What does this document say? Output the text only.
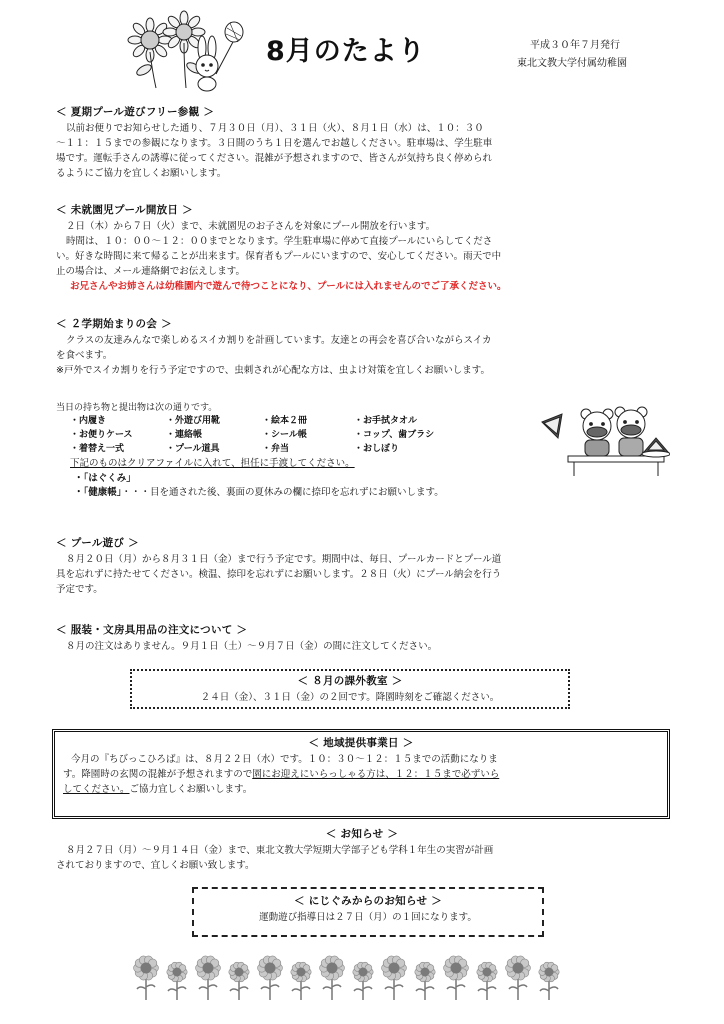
8月のたより	平成３０年７月発行
東北文教大学付属幼稚園
＜ 夏期プール遊びフリー参観 ＞

以前お便りでお知らせした通り、７月３０日（月）、３１日（火）、８月１日（水）は、１０：３０

～１１：１５までの参観になります。３日間のうち１日を選んでお越しください。駐車場は、学生駐車

場です。運転手さんの誘導に従ってください。混雑が予想されますので、皆さんが気持ち良く停められ

るようにご協力を宜しくお願いします。

＜ 未就園児プール開放日 ＞

２日（木）から７日（火）まで、未就園児のお子さんを対象にプール開放を行います。

時間は、１０：００～１２：００までとなります。学生駐車場に停めて直接プールにいらしてくださ

い。好きな時間に来て帰ることが出来ます。保育者もプールにいますので、安心してください。雨天で中

止の場合は、メール連絡網でお伝えします。

お兄さんやお姉さんは幼稚園内で遊んで待つことになり、プールには入れませんのでご了承ください。

＜ ２学期始まりの会 ＞

クラスの友達みんなで楽しめるスイカ割りを計画しています。友達との再会を喜び合いながらスイカ

を食べます。

※戸外でスイカ割りを行う予定ですので、虫刺されが心配な方は、虫よけ対策を宜しくお願いします。

当日の持ち物と提出物は次の通りです。

・内履き	・外遊び用靴	・絵本２冊	・お手拭タオル
・お便りケース	・連絡帳	・シール帳	・コップ、歯ブラシ
・着替え一式	・プール道具	・弁当	・おしぼり

下記のものはクリアファイルに入れて、担任に手渡してください。

・「はぐくみ」

・「健康帳」・・・目を通された後、裏面の夏休みの欄に捺印を忘れずにお願いします。

＜ プール遊び ＞

８月２０日（月）から８月３１日（金）まで行う予定です。期間中は、毎日、プールカードとプール道

具を忘れずに持たせてください。検温、捺印を忘れずにお願いします。２８日（火）にプール納会を行う

予定です。

＜ 服装・文房具用品の注文について ＞

８月の注文はありません。９月１日（土）～９月７日（金）の間に注文してください。

＜ ８月の課外教室 ＞

２４日（金）、３１日（金）の２回です。降園時刻をご確認ください。

＜ 地域提供事業日 ＞

今月の『ちびっこひろば』は、８月２２日（水）です。１０：３０～１２：１５までの活動になりま

す。降園時の玄関の混雑が予想されますので園にお迎えにいらっしゃる方は、１２：１５まで必ずいら

してください。ご協力宜しくお願いします。

＜ お知らせ ＞

８月２７日（月）～９月１４日（金）まで、東北文教大学短期大学部子ども学科１年生の実習が計画

されておりますので、宜しくお願い致します。

＜ にじぐみからのお知らせ ＞

運動遊び指導日は２７日（月）の１回になります。
